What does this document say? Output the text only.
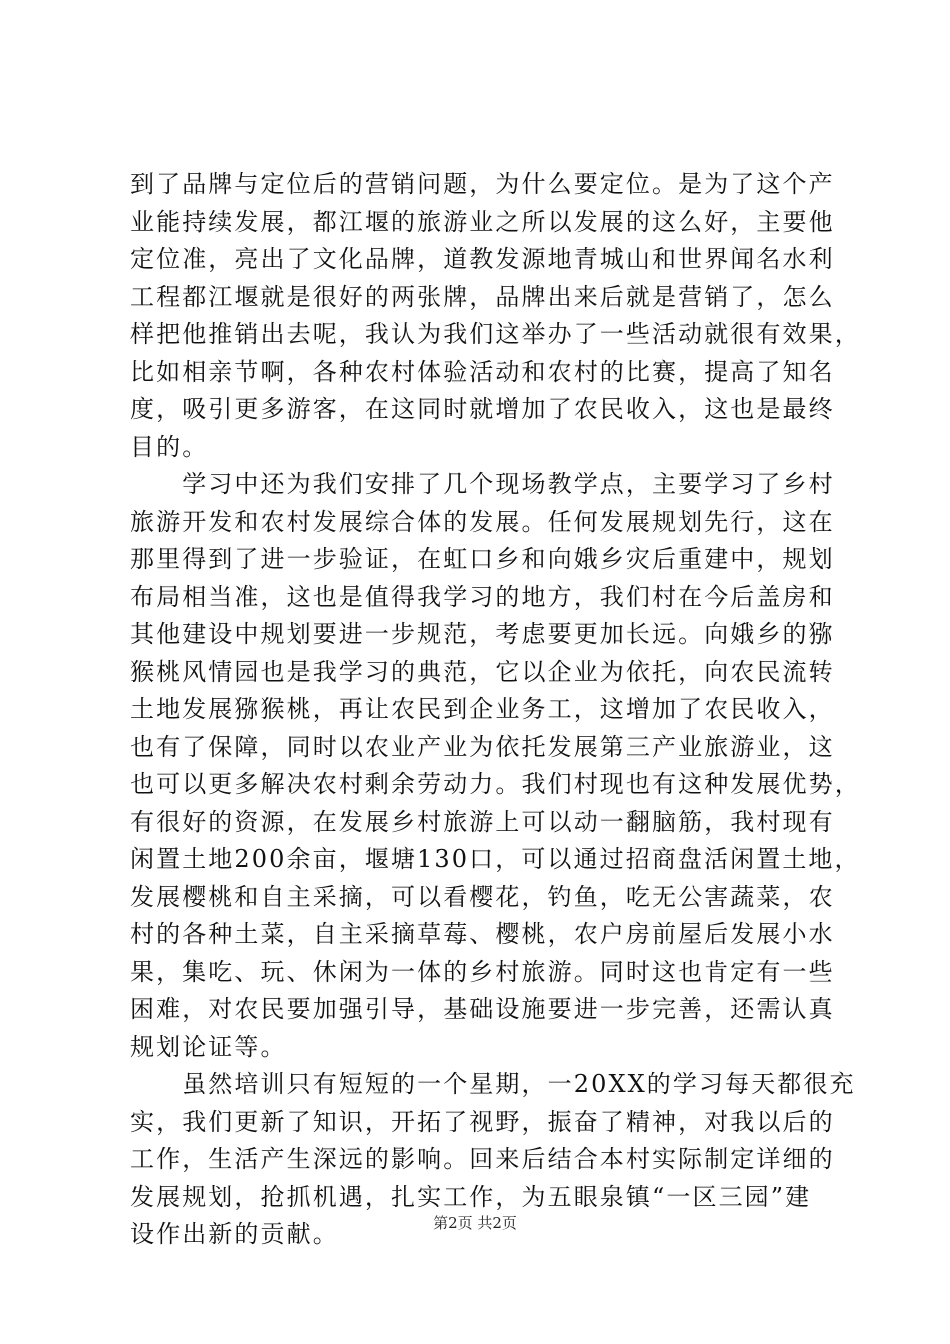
到了品牌与定位后的营销问题，为什么要定位。是为了这个产
业能持续发展，都江堰的旅游业之所以发展的这么好，主要他
定位准，亮出了文化品牌，道教发源地青城山和世界闻名水利
工程都江堰就是很好的两张牌，品牌出来后就是营销了，怎么
样把他推销出去呢，我认为我们这举办了一些活动就很有效果，
比如相亲节啊，各种农村体验活动和农村的比赛，提高了知名
度，吸引更多游客，在这同时就增加了农民收入，这也是最终
目的。
　　学习中还为我们安排了几个现场教学点，主要学习了乡村
旅游开发和农村发展综合体的发展。任何发展规划先行，这在
那里得到了进一步验证，在虹口乡和向娥乡灾后重建中，规划
布局相当准，这也是值得我学习的地方，我们村在今后盖房和
其他建设中规划要进一步规范，考虑要更加长远。向娥乡的猕
猴桃风情园也是我学习的典范，它以企业为依托，向农民流转
土地发展猕猴桃，再让农民到企业务工，这增加了农民收入，
也有了保障，同时以农业产业为依托发展第三产业旅游业，这
也可以更多解决农村剩余劳动力。我们村现也有这种发展优势，
有很好的资源，在发展乡村旅游上可以动一翻脑筋，我村现有
闲置土地200余亩，堰塘130口，可以通过招商盘活闲置土地，
发展樱桃和自主采摘，可以看樱花，钓鱼，吃无公害蔬菜，农
村的各种土菜，自主采摘草莓、樱桃，农户房前屋后发展小水
果，集吃、玩、休闲为一体的乡村旅游。同时这也肯定有一些
困难，对农民要加强引导，基础设施要进一步完善，还需认真
规划论证等。
　　虽然培训只有短短的一个星期，一20XX的学习每天都很充
实，我们更新了知识，开拓了视野，振奋了精神，对我以后的
工作，生活产生深远的影响。回来后结合本村实际制定详细的
发展规划，抢抓机遇，扎实工作，为五眼泉镇“一区三园”建
设作出新的贡献。	第2页 共2页
